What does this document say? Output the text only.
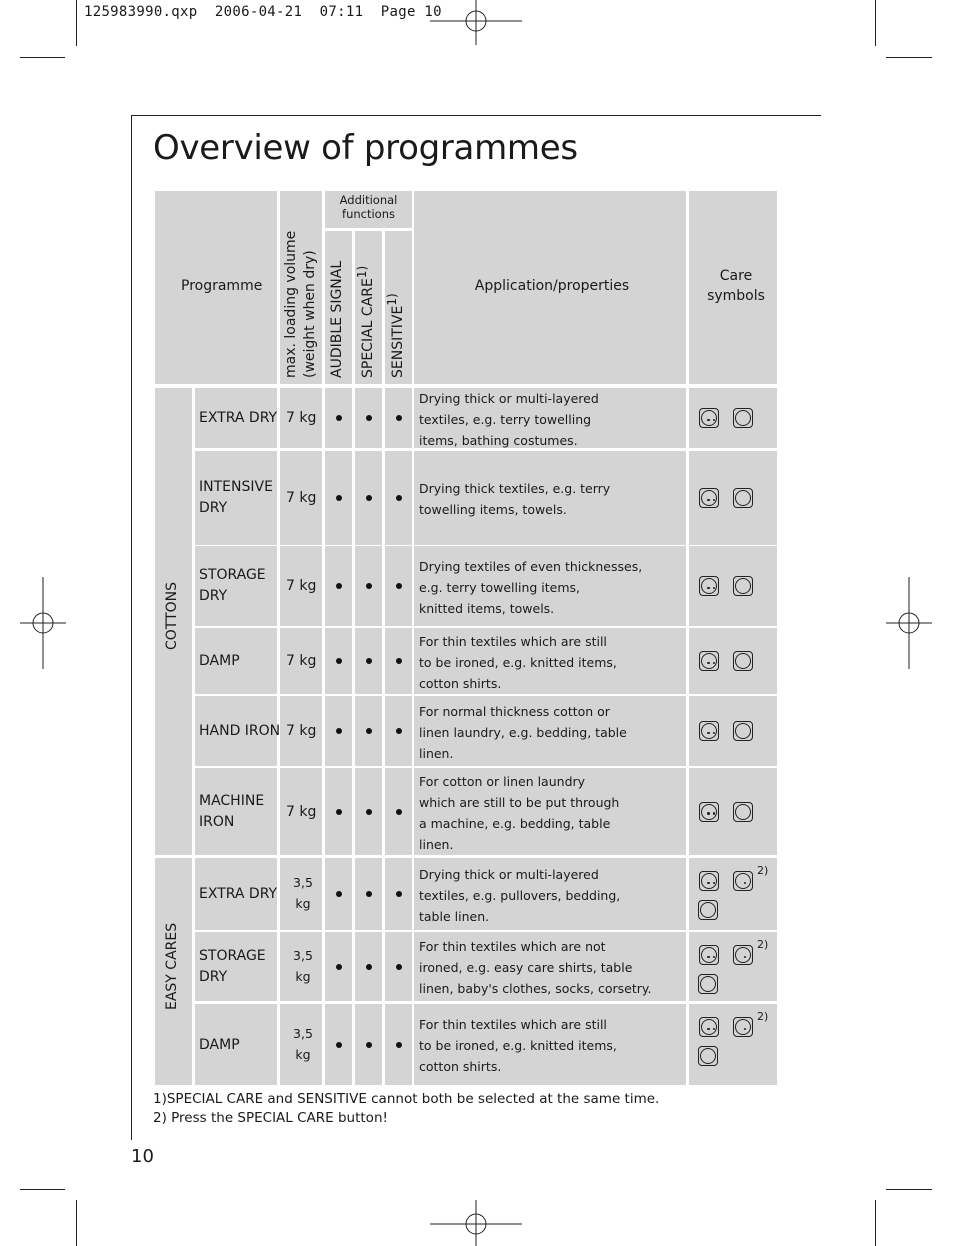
125983990.qxp  2006-04-21  07:11  Page 10
Overview of programmes
Programme max. loading volume (weight when dry)
Additional
functions
AUDIBLE SIGNAL SPECIAL CARE1)
SENSITIVE1)
Application/properties
Care
symbols
COTTONS
EASY CARES
EXTRA DRY 7 kg
Drying thick or multi-layered
textiles, e.g. terry towelling
items, bathing costumes.
INTENSIVE
DRY
7 kg
Drying thick textiles, e.g. terry
towelling items, towels.
STORAGE
DRY
7 kg
Drying textiles of even thicknesses,
e.g. terry towelling items,
knitted items, towels.
DAMP	7 kg
For thin textiles which are still
to be ironed, e.g. knitted items,
cotton shirts.
HAND IRON 7 kg
For normal thickness cotton or
linen laundry, e.g. bedding, table
linen.
MACHINE
IRON
7 kg
For cotton or linen laundry
which are still to be put through
a machine, e.g. bedding, table
linen.
EXTRA DRY
3,5
kg
Drying thick or multi-layered
textiles, e.g. pullovers, bedding,
table linen.
2)
STORAGE
DRY
3,5
kg
For thin textiles which are not
ironed, e.g. easy care shirts, table
linen, baby's clothes, socks, corsetry.
2)
DAMP
3,5
kg
For thin textiles which are still
to be ironed, e.g. knitted items,
cotton shirts.
2)
1)SPECIAL CARE and SENSITIVE cannot both be selected at the same time.
2) Press the SPECIAL CARE button!
10
